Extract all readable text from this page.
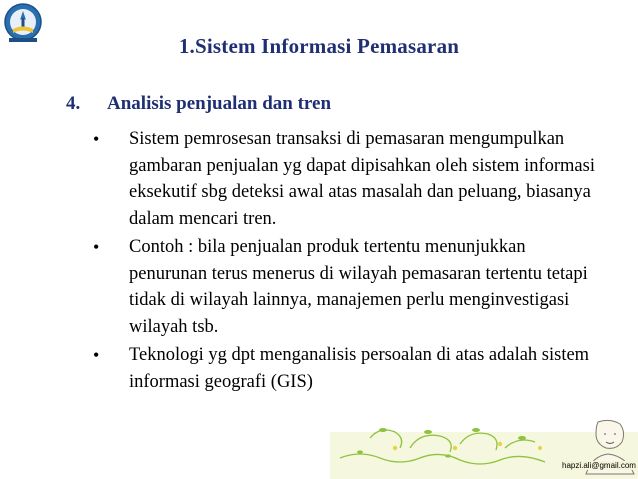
1.Sistem Informasi Pemasaran
4. Analisis penjualan dan tren
• Sistem pemrosesan transaksi di pemasaran mengumpulkan gambaran penjualan yg dapat dipisahkan oleh sistem informasi eksekutif sbg deteksi awal atas masalah dan peluang, biasanya dalam mencari tren.
• Contoh : bila penjualan produk tertentu menunjukkan penurunan terus menerus di wilayah pemasaran tertentu tetapi tidak di wilayah lainnya, manajemen perlu menginvestigasi wilayah tsb.
• Teknologi yg dpt menganalisis persoalan di atas adalah sistem informasi geografi (GIS)
hapzi.ali@gmail.com
